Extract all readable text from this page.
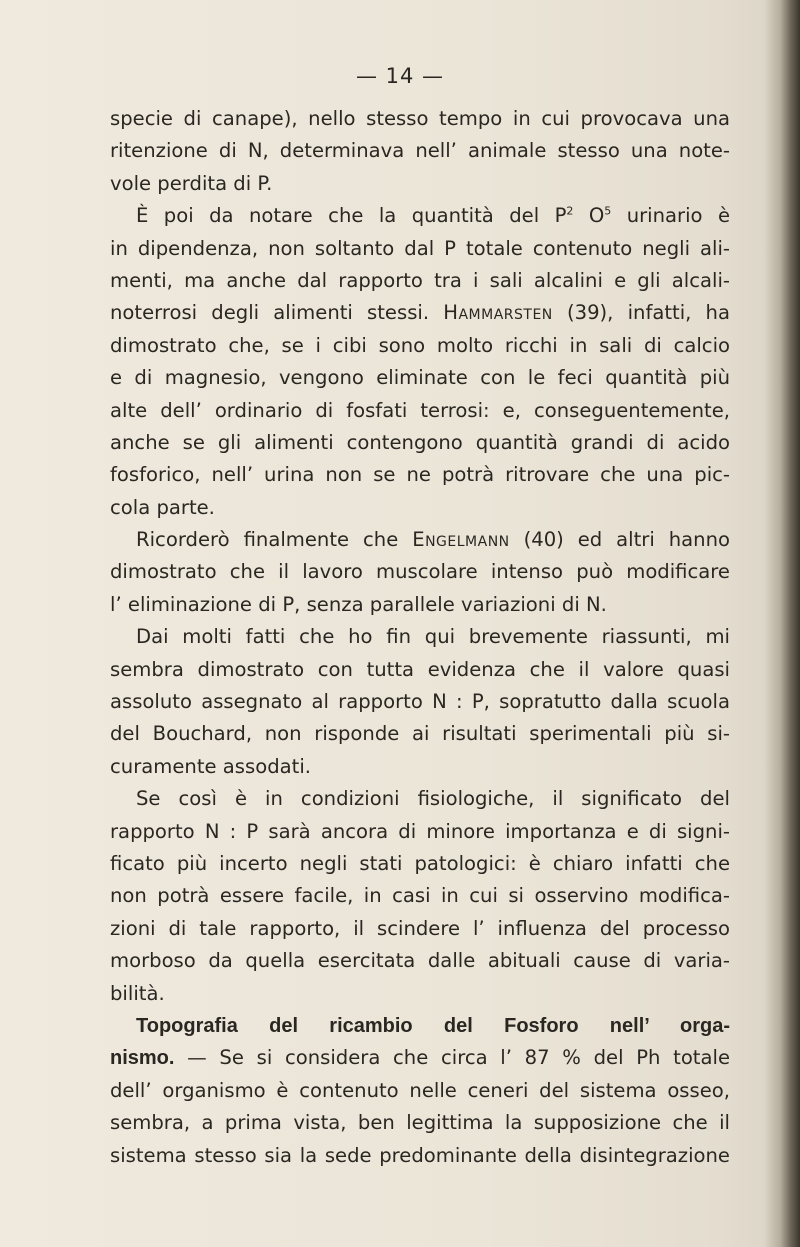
— 14 —
specie di canape), nello stesso tempo in cui provocava una
ritenzione di N, determinava nell’ animale stesso una note-
vole perdita di P.
È poi da notare che la quantità del $P^2$ $O^5$ urinario è
in dipendenza, non soltanto dal P totale contenuto negli ali-
menti, ma anche dal rapporto tra i sali alcalini e gli alcali-
noterrosi degli alimenti stessi. Hammarsten (39), infatti, ha
dimostrato che, se i cibi sono molto ricchi in sali di calcio
e di magnesio, vengono eliminate con le feci quantità più
alte dell’ ordinario di fosfati terrosi: e, conseguentemente,
anche se gli alimenti contengono quantità grandi di acido
fosforico, nell’ urina non se ne potrà ritrovare che una pic-
cola parte.
Ricorderò finalmente che Engelmann (40) ed altri hanno
dimostrato che il lavoro muscolare intenso può modificare
l’ eliminazione di P, senza parallele variazioni di N.
Dai molti fatti che ho fin qui brevemente riassunti, mi
sembra dimostrato con tutta evidenza che il valore quasi
assoluto assegnato al rapporto N : P, sopratutto dalla scuola
del Bouchard, non risponde ai risultati sperimentali più si-
curamente assodati.
Se così è in condizioni fisiologiche, il significato del
rapporto N : P sarà ancora di minore importanza e di signi-
ficato più incerto negli stati patologici: è chiaro infatti che
non potrà essere facile, in casi in cui si osservino modifica-
zioni di tale rapporto, il scindere l’ influenza del processo
morboso da quella esercitata dalle abituali cause di varia-
bilità.
Topografia del ricambio del Fosforo nell’ orga-
nismo. — Se si considera che circa l’ 87 % del Ph totale
dell’ organismo è contenuto nelle ceneri del sistema osseo,
sembra, a prima vista, ben legittima la supposizione che il
sistema stesso sia la sede predominante della disintegrazione
